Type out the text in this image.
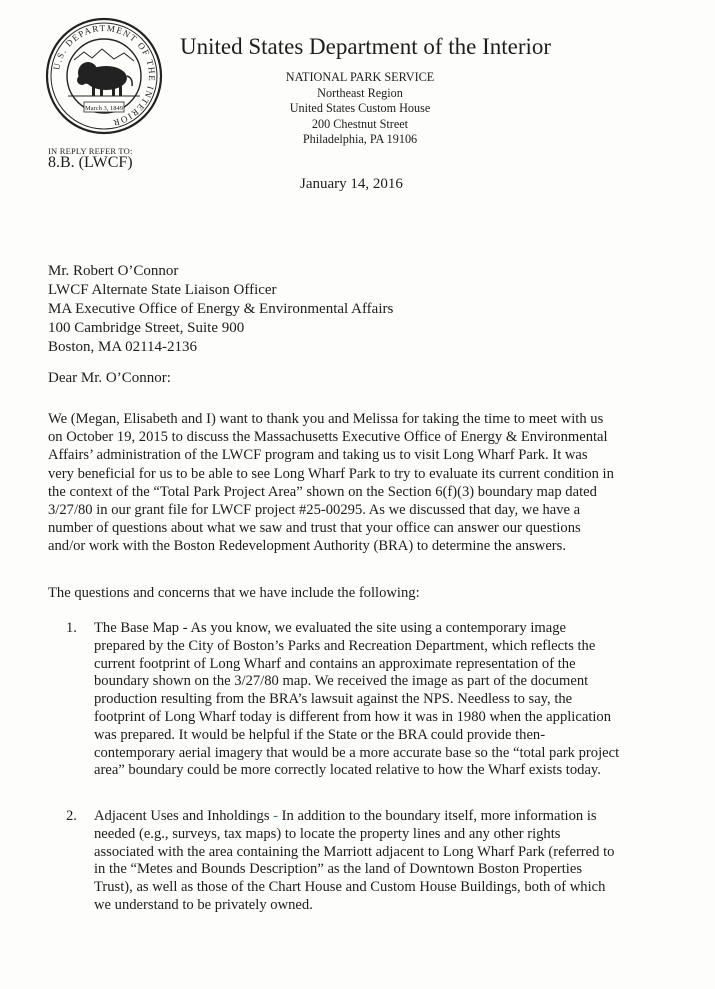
U.S. DEPARTMENT OF THE INTERIOR
March 3, 1849
IN REPLY REFER TO:
8.B. (LWCF)
United States Department of the Interior
NATIONAL PARK SERVICE
Northeast Region
United States Custom House
200 Chestnut Street
Philadelphia, PA 19106
January 14, 2016
Mr. Robert O’Connor
LWCF Alternate State Liaison Officer
MA Executive Office of Energy & Environmental Affairs
100 Cambridge Street, Suite 900
Boston, MA 02114-2136
Dear Mr. O’Connor:
We (Megan, Elisabeth and I) want to thank you and Melissa for taking the time to meet with us
on October 19, 2015 to discuss the Massachusetts Executive Office of Energy & Environmental
Affairs’ administration of the LWCF program and taking us to visit Long Wharf Park. It was
very beneficial for us to be able to see Long Wharf Park to try to evaluate its current condition in
the context of the “Total Park Project Area” shown on the Section 6(f)(3) boundary map dated
3/27/80 in our grant file for LWCF project #25-00295. As we discussed that day, we have a
number of questions about what we saw and trust that your office can answer our questions
and/or work with the Boston Redevelopment Authority (BRA) to determine the answers.
The questions and concerns that we have include the following:
1. The Base Map - As you know, we evaluated the site using a contemporary image
prepared by the City of Boston’s Parks and Recreation Department, which reflects the
current footprint of Long Wharf and contains an approximate representation of the
boundary shown on the 3/27/80 map. We received the image as part of the document
production resulting from the BRA’s lawsuit against the NPS. Needless to say, the
footprint of Long Wharf today is different from how it was in 1980 when the application
was prepared. It would be helpful if the State or the BRA could provide then-
contemporary aerial imagery that would be a more accurate base so the “total park project
area” boundary could be more correctly located relative to how the Wharf exists today.
2. Adjacent Uses and Inholdings - In addition to the boundary itself, more information is
needed (e.g., surveys, tax maps) to locate the property lines and any other rights
associated with the area containing the Marriott adjacent to Long Wharf Park (referred to
in the “Metes and Bounds Description” as the land of Downtown Boston Properties
Trust), as well as those of the Chart House and Custom House Buildings, both of which
we understand to be privately owned.
